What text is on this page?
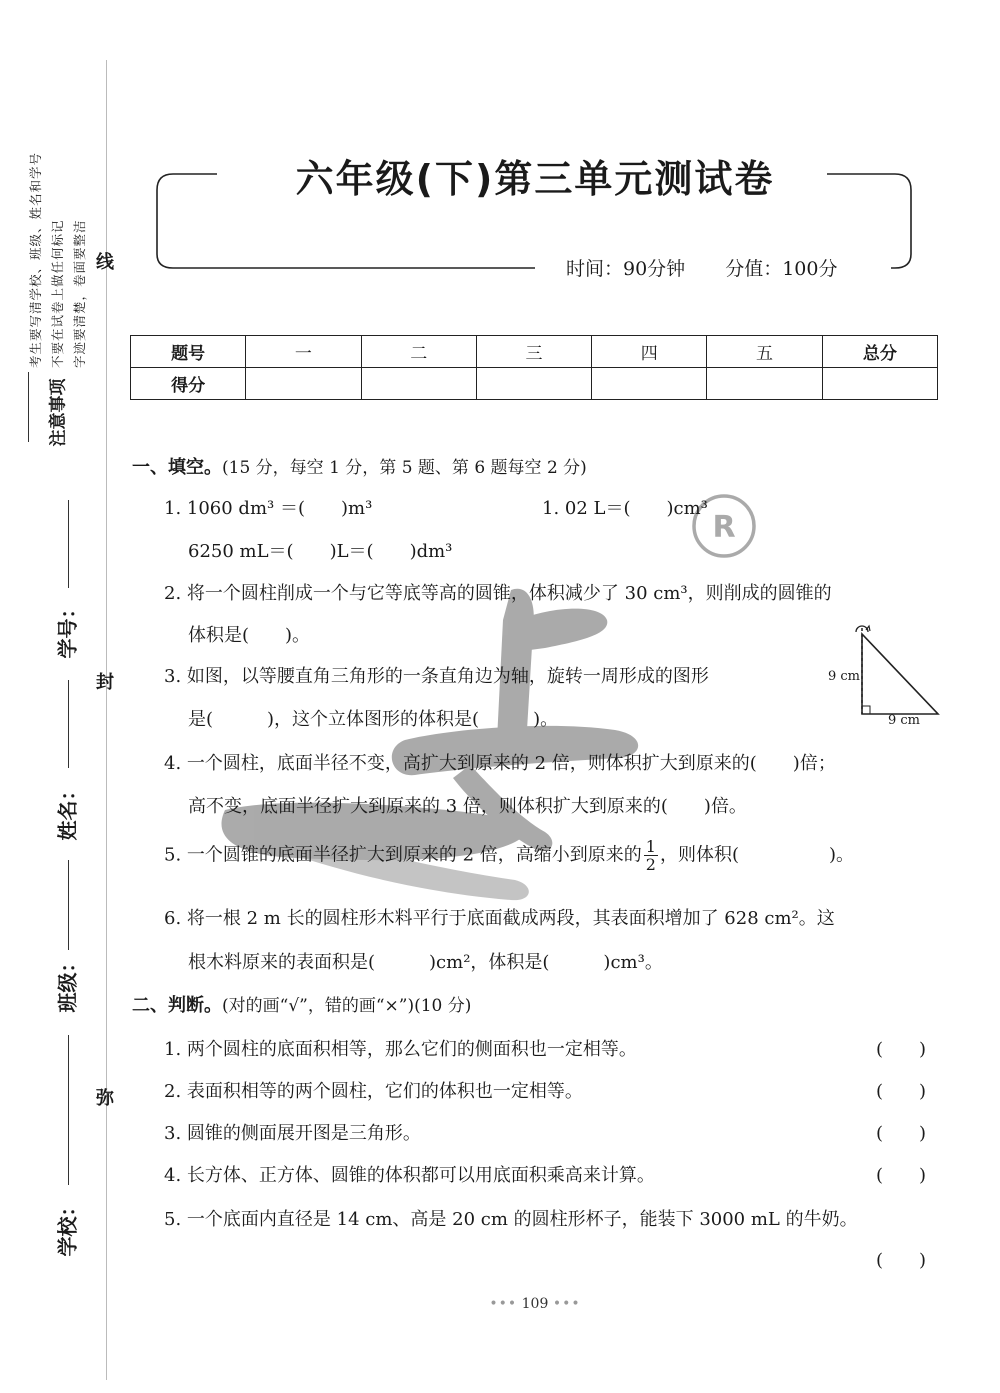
考生要写清学校、班级、姓名和学号 不要在试卷上做任何标记 字迹要清楚，卷面要整洁
注意事项
线
封
弥
学号：
姓名：
班级：
学校：
六年级(下)第三单元测试卷
时间：90分钟 分值：100分
题号	一	二	三	四	五	总分
得分						
R
一、填空。(15 分，每空 1 分，第 5 题、第 6 题每空 2 分)
1. 1060 dm³ ＝(　　)m³	1. 02 L＝(　　)cm³
6250 mL＝(　　)L＝(　　)dm³
2. 将一个圆柱削成一个与它等底等高的圆锥，体积减少了 30 cm³，则削成的圆锥的
体积是(　　)。
3. 如图，以等腰直角三角形的一条直角边为轴，旋转一周形成的图形
是(　　　)，这个立体图形的体积是(　　　)。
9 cm
9 cm
4. 一个圆柱，底面半径不变，高扩大到原来的 2 倍，则体积扩大到原来的(　　)倍；
高不变，底面半径扩大到原来的 3 倍，则体积扩大到原来的(　　)倍。
5. 一个圆锥的底面半径扩大到原来的 2 倍，高缩小到原来的 $\frac{1}{2}$ ，则体积(　　　　　)。
6. 将一根 2 m 长的圆柱形木料平行于底面截成两段，其表面积增加了 628 cm²。这
根木料原来的表面积是(　　　)cm²，体积是(　　　)cm³。
二、判断。(对的画“√”，错的画“×”)(10 分)
1. 两个圆柱的底面积相等，那么它们的侧面积也一定相等。	(　　)
2. 表面积相等的两个圆柱，它们的体积也一定相等。	(　　)
3. 圆锥的侧面展开图是三角形。	(　　)
4. 长方体、正方体、圆锥的体积都可以用底面积乘高来计算。	(　　)
5. 一个底面内直径是 14 cm、高是 20 cm 的圆柱形杯子，能装下 3000 mL 的牛奶。
(　　)
••• 109 •••
